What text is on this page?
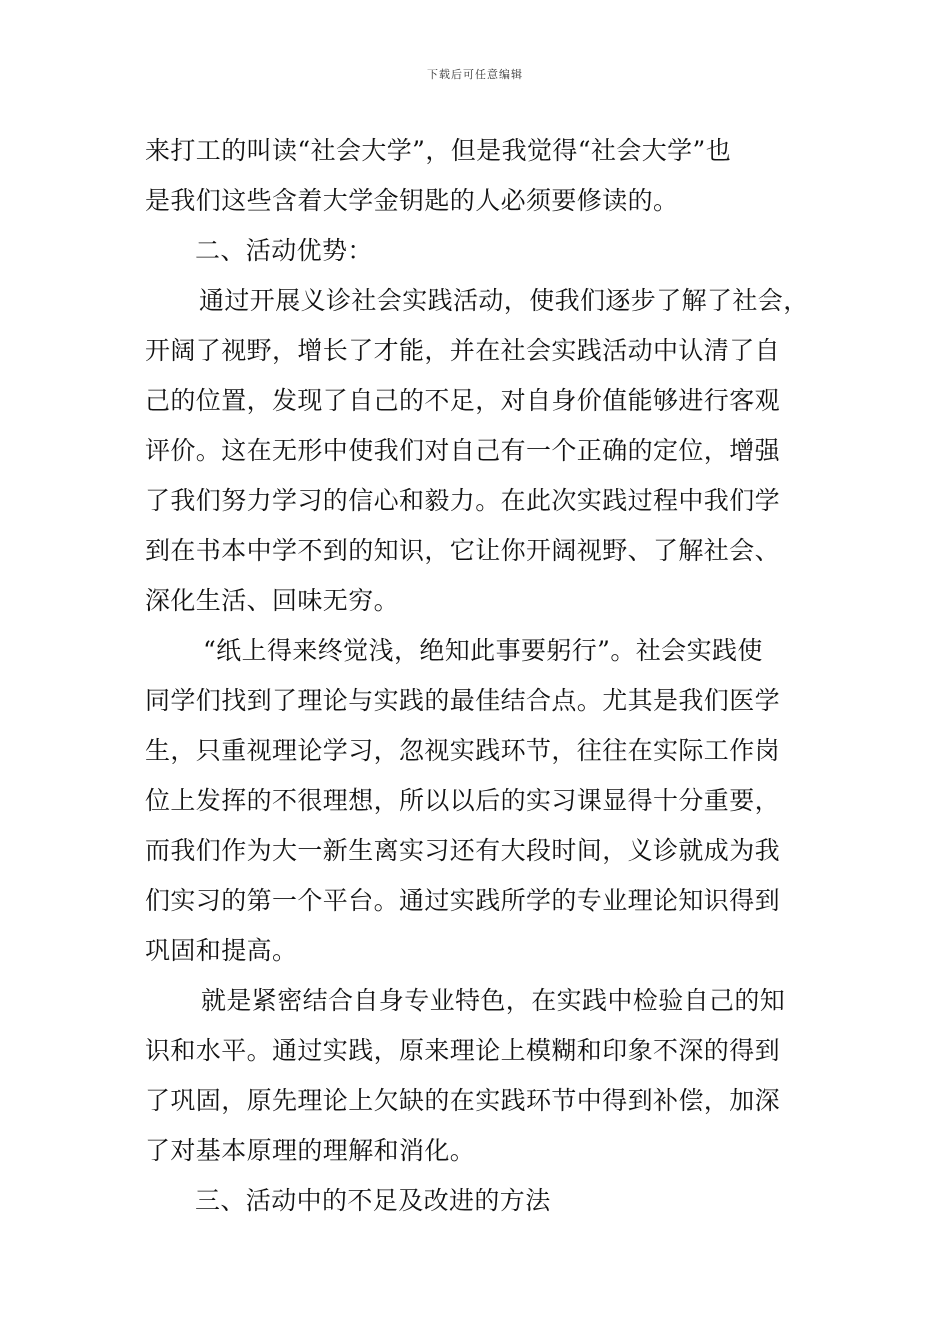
下载后可任意编辑
来打工的叫读“社会大学”，但是我觉得“社会大学”也
是我们这些含着大学金钥匙的人必须要修读的。
二、活动优势：
通过开展义诊社会实践活动，使我们逐步了解了社会，
开阔了视野，增长了才能，并在社会实践活动中认清了自
己的位置，发现了自己的不足，对自身价值能够进行客观
评价。这在无形中使我们对自己有一个正确的定位，增强
了我们努力学习的信心和毅力。在此次实践过程中我们学
到在书本中学不到的知识，它让你开阔视野、了解社会、
深化生活、回味无穷。
“纸上得来终觉浅，绝知此事要躬行”。社会实践使
同学们找到了理论与实践的最佳结合点。尤其是我们医学
生，只重视理论学习，忽视实践环节，往往在实际工作岗
位上发挥的不很理想，所以以后的实习课显得十分重要，
而我们作为大一新生离实习还有大段时间，义诊就成为我
们实习的第一个平台。通过实践所学的专业理论知识得到
巩固和提高。
就是紧密结合自身专业特色，在实践中检验自己的知
识和水平。通过实践，原来理论上模糊和印象不深的得到
了巩固，原先理论上欠缺的在实践环节中得到补偿，加深
了对基本原理的理解和消化。
三、活动中的不足及改进的方法
